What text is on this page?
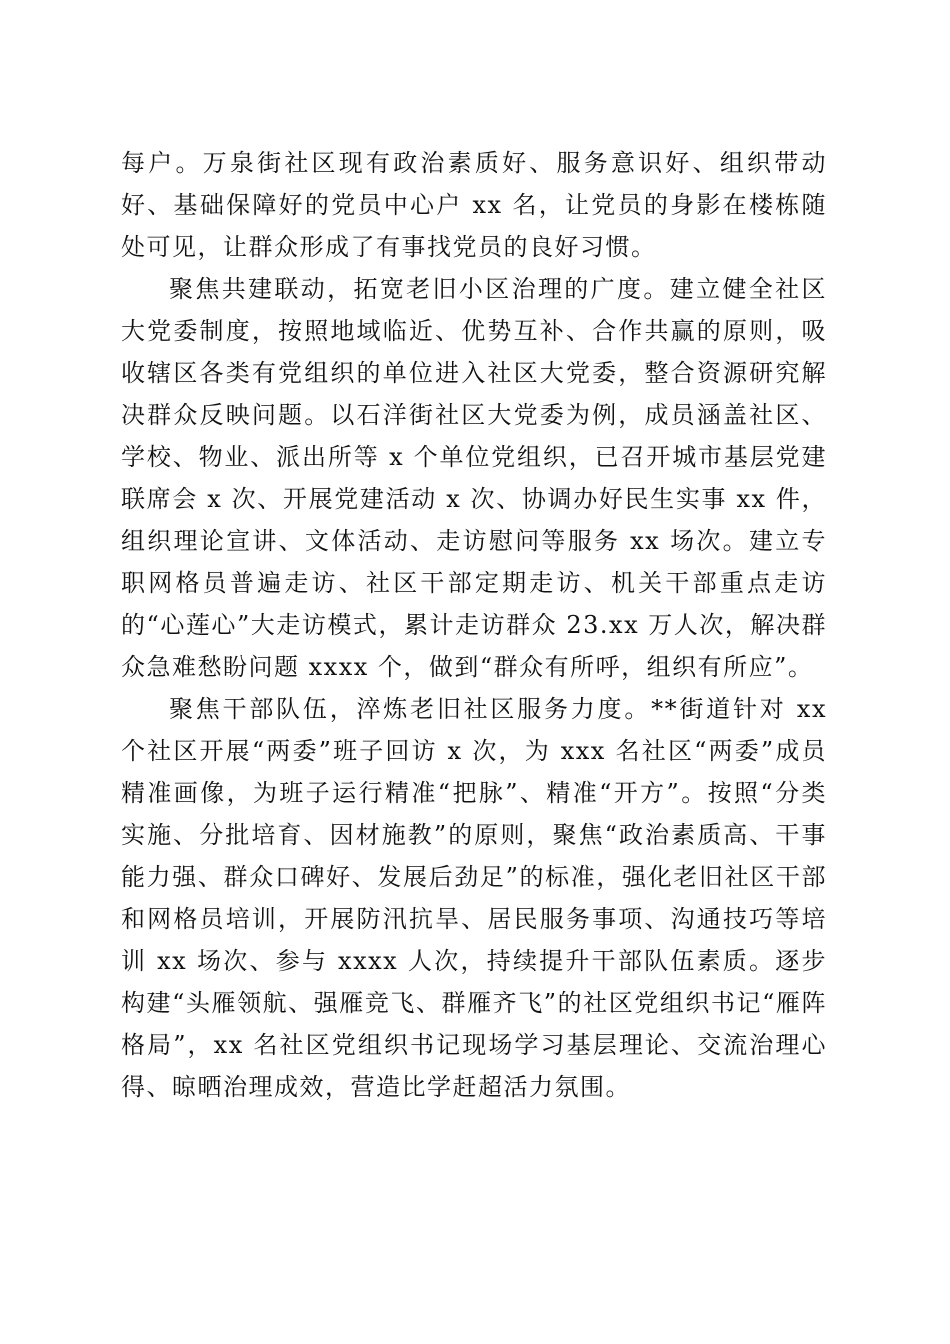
每户。万泉街社区现有政治素质好、服务意识好、组织带动好、基础保障好的党员中心户 xx 名，让党员的身影在楼栋随处可见，让群众形成了有事找党员的良好习惯。

聚焦共建联动，拓宽老旧小区治理的广度。建立健全社区大党委制度，按照地域临近、优势互补、合作共赢的原则，吸收辖区各类有党组织的单位进入社区大党委，整合资源研究解决群众反映问题。以石洋街社区大党委为例，成员涵盖社区、学校、物业、派出所等 x 个单位党组织，已召开城市基层党建联席会 x 次、开展党建活动 x 次、协调办好民生实事 xx 件，组织理论宣讲、文体活动、走访慰问等服务 xx 场次。建立专职网格员普遍走访、社区干部定期走访、机关干部重点走访的“心莲心”大走访模式，累计走访群众 23.xx 万人次，解决群众急难愁盼问题 xxxx 个，做到“群众有所呼，组织有所应”。

聚焦干部队伍，淬炼老旧社区服务力度。**街道针对 xx 个社区开展“两委”班子回访 x 次，为 xxx 名社区“两委”成员精准画像，为班子运行精准“把脉”、精准“开方”。按照“分类实施、分批培育、因材施教”的原则，聚焦“政治素质高、干事能力强、群众口碑好、发展后劲足”的标准，强化老旧社区干部和网格员培训，开展防汛抗旱、居民服务事项、沟通技巧等培训 xx 场次、参与 xxxx 人次，持续提升干部队伍素质。逐步构建“头雁领航、强雁竞飞、群雁齐飞”的社区党组织书记“雁阵格局”，xx 名社区党组织书记现场学习基层理论、交流治理心得、晾晒治理成效，营造比学赶超活力氛围。
